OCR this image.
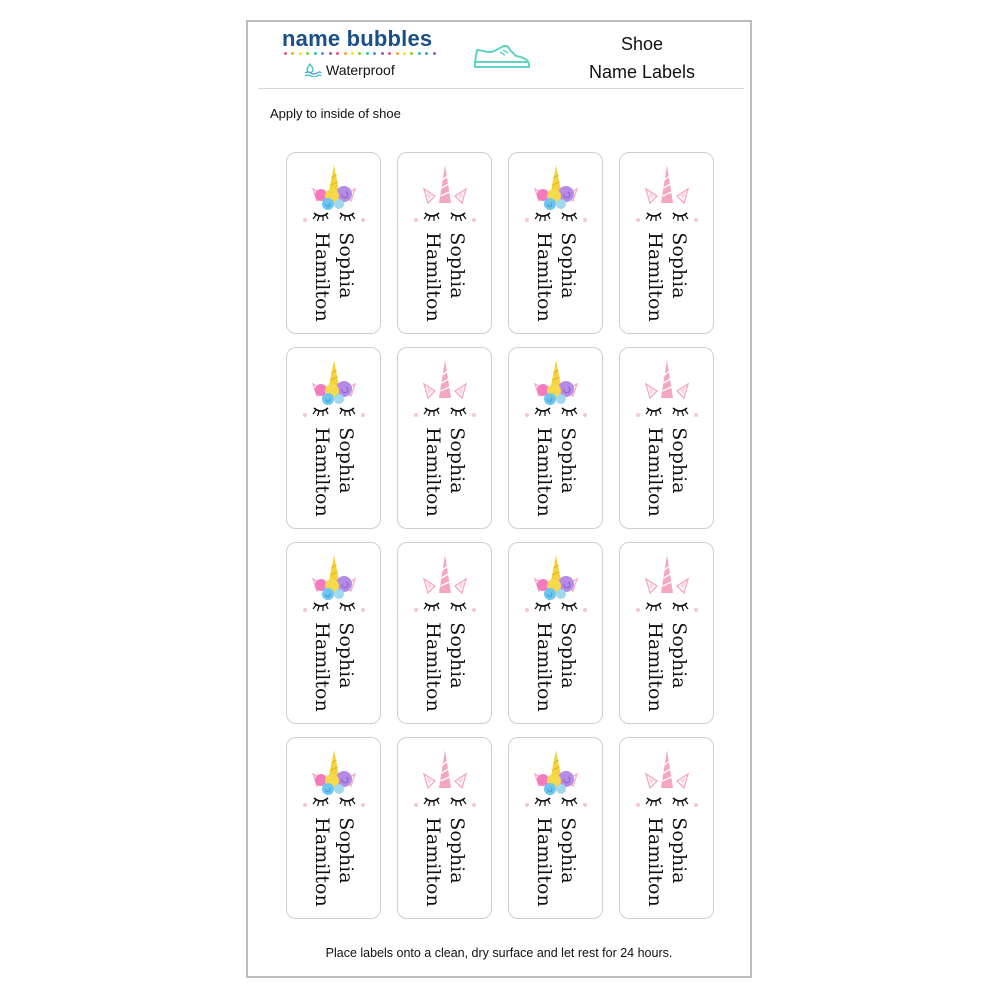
name bubbles
Waterproof
Shoe
Name Labels
Apply to inside of shoe
Sophia
Hamilton	Sophia
Hamilton	Sophia
Hamilton	Sophia
Hamilton
Sophia
Hamilton	Sophia
Hamilton	Sophia
Hamilton	Sophia
Hamilton
Sophia
Hamilton	Sophia
Hamilton	Sophia
Hamilton	Sophia
Hamilton
Sophia
Hamilton	Sophia
Hamilton	Sophia
Hamilton	Sophia
Hamilton
Place labels onto a clean, dry surface and let rest for 24 hours.
